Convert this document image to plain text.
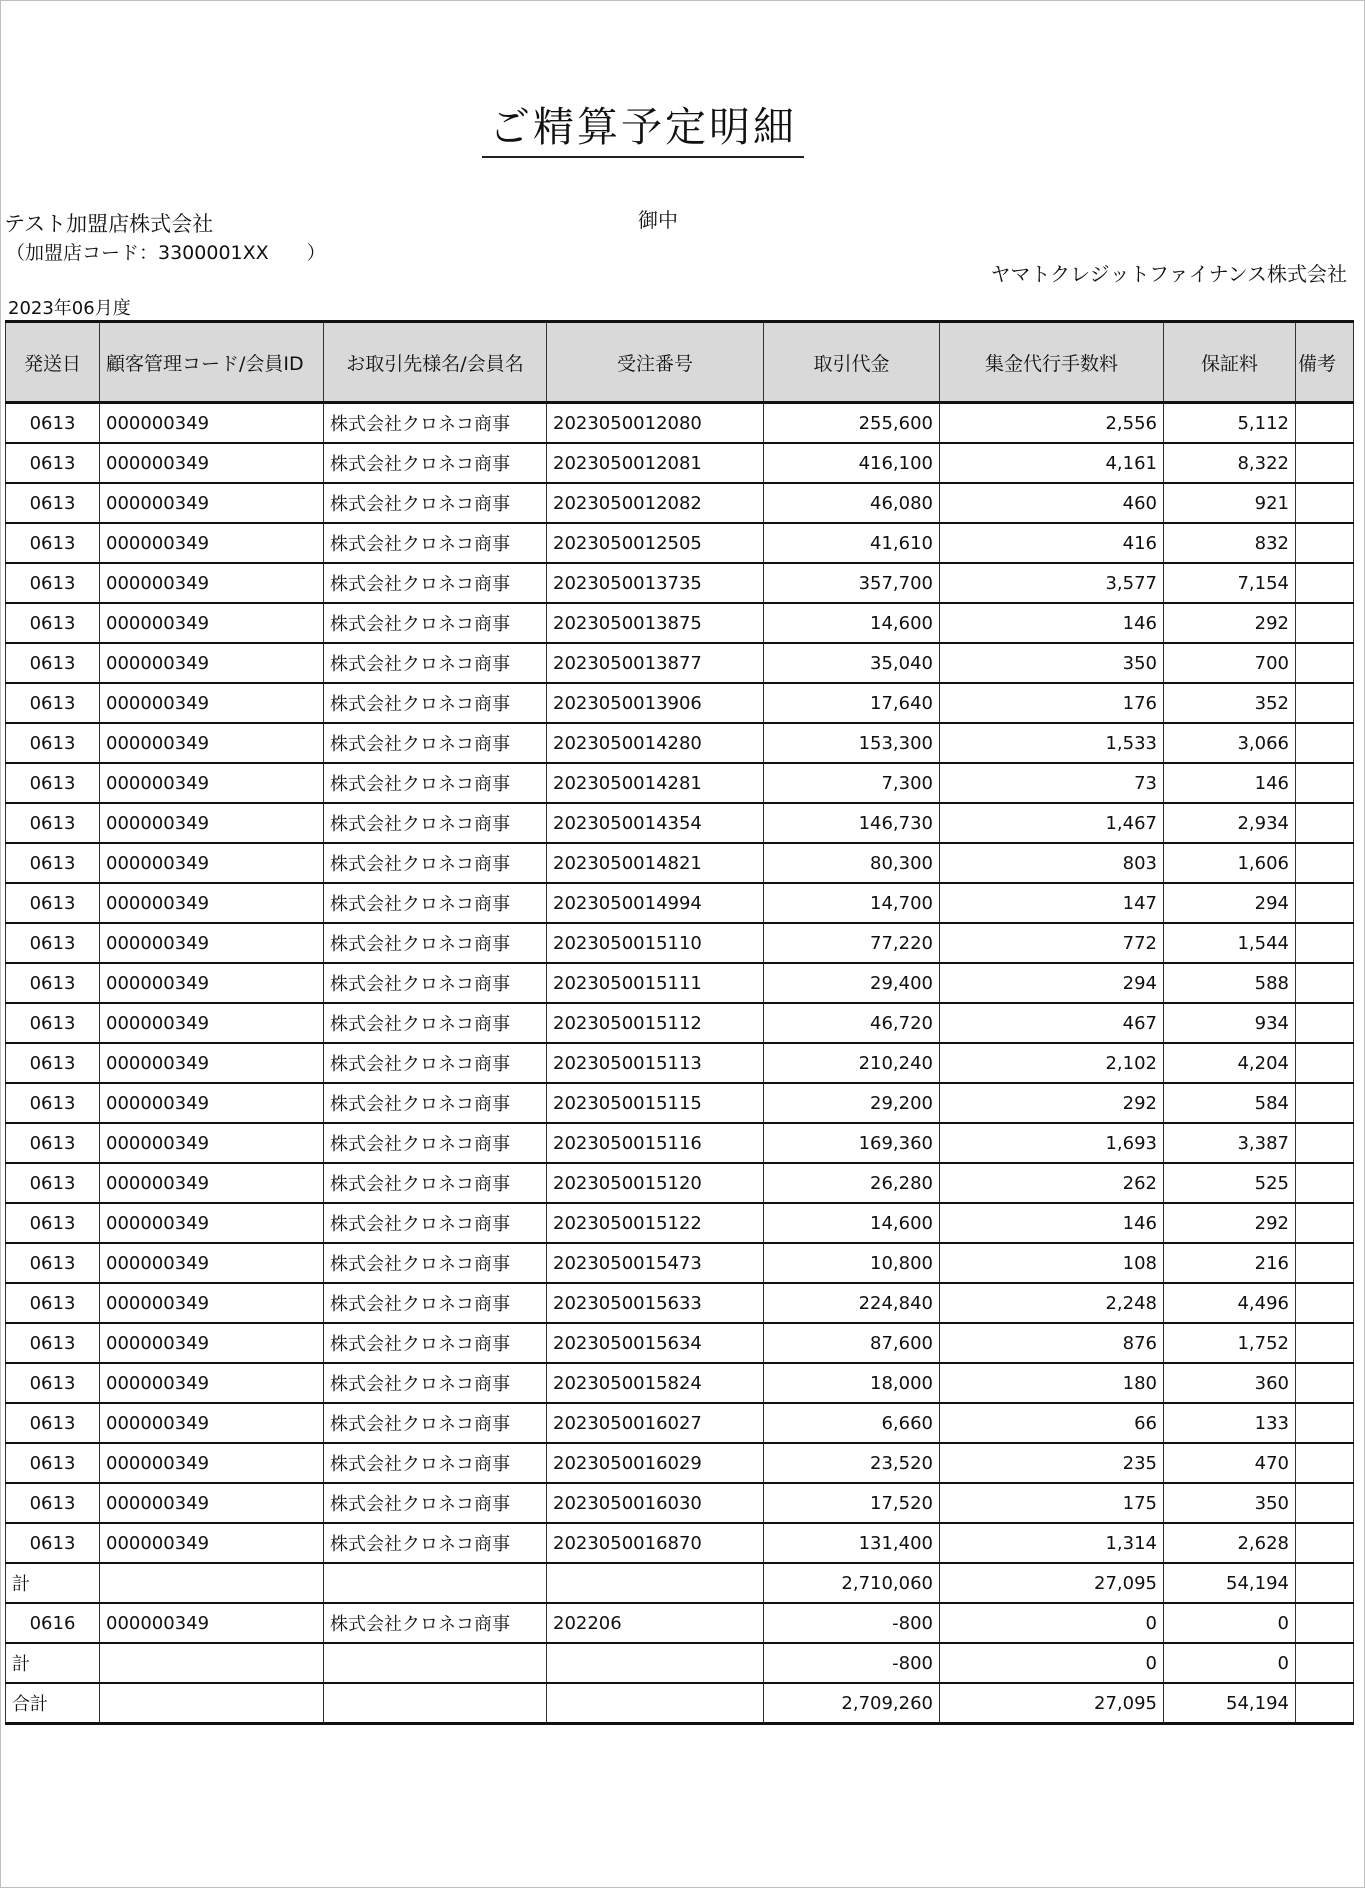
ご精算予定明細
テスト加盟店株式会社
（加盟店コード：3300001XX　　）
御中
ヤマトクレジットファイナンス株式会社
2023年06月度
発送日	顧客管理コード/会員ID	お取引先様名/会員名	受注番号	取引代金	集金代行手数料	保証料	備考
0613	000000349	株式会社クロネコ商事	2023050012080	255,600	2,556	5,112	
0613	000000349	株式会社クロネコ商事	2023050012081	416,100	4,161	8,322	
0613	000000349	株式会社クロネコ商事	2023050012082	46,080	460	921	
0613	000000349	株式会社クロネコ商事	2023050012505	41,610	416	832	
0613	000000349	株式会社クロネコ商事	2023050013735	357,700	3,577	7,154	
0613	000000349	株式会社クロネコ商事	2023050013875	14,600	146	292	
0613	000000349	株式会社クロネコ商事	2023050013877	35,040	350	700	
0613	000000349	株式会社クロネコ商事	2023050013906	17,640	176	352	
0613	000000349	株式会社クロネコ商事	2023050014280	153,300	1,533	3,066	
0613	000000349	株式会社クロネコ商事	2023050014281	7,300	73	146	
0613	000000349	株式会社クロネコ商事	2023050014354	146,730	1,467	2,934	
0613	000000349	株式会社クロネコ商事	2023050014821	80,300	803	1,606	
0613	000000349	株式会社クロネコ商事	2023050014994	14,700	147	294	
0613	000000349	株式会社クロネコ商事	2023050015110	77,220	772	1,544	
0613	000000349	株式会社クロネコ商事	2023050015111	29,400	294	588	
0613	000000349	株式会社クロネコ商事	2023050015112	46,720	467	934	
0613	000000349	株式会社クロネコ商事	2023050015113	210,240	2,102	4,204	
0613	000000349	株式会社クロネコ商事	2023050015115	29,200	292	584	
0613	000000349	株式会社クロネコ商事	2023050015116	169,360	1,693	3,387	
0613	000000349	株式会社クロネコ商事	2023050015120	26,280	262	525	
0613	000000349	株式会社クロネコ商事	2023050015122	14,600	146	292	
0613	000000349	株式会社クロネコ商事	2023050015473	10,800	108	216	
0613	000000349	株式会社クロネコ商事	2023050015633	224,840	2,248	4,496	
0613	000000349	株式会社クロネコ商事	2023050015634	87,600	876	1,752	
0613	000000349	株式会社クロネコ商事	2023050015824	18,000	180	360	
0613	000000349	株式会社クロネコ商事	2023050016027	6,660	66	133	
0613	000000349	株式会社クロネコ商事	2023050016029	23,520	235	470	
0613	000000349	株式会社クロネコ商事	2023050016030	17,520	175	350	
0613	000000349	株式会社クロネコ商事	2023050016870	131,400	1,314	2,628	
計				2,710,060	27,095	54,194	
0616	000000349	株式会社クロネコ商事	202206	-800	0	0	
計				-800	0	0	
合計				2,709,260	27,095	54,194	
